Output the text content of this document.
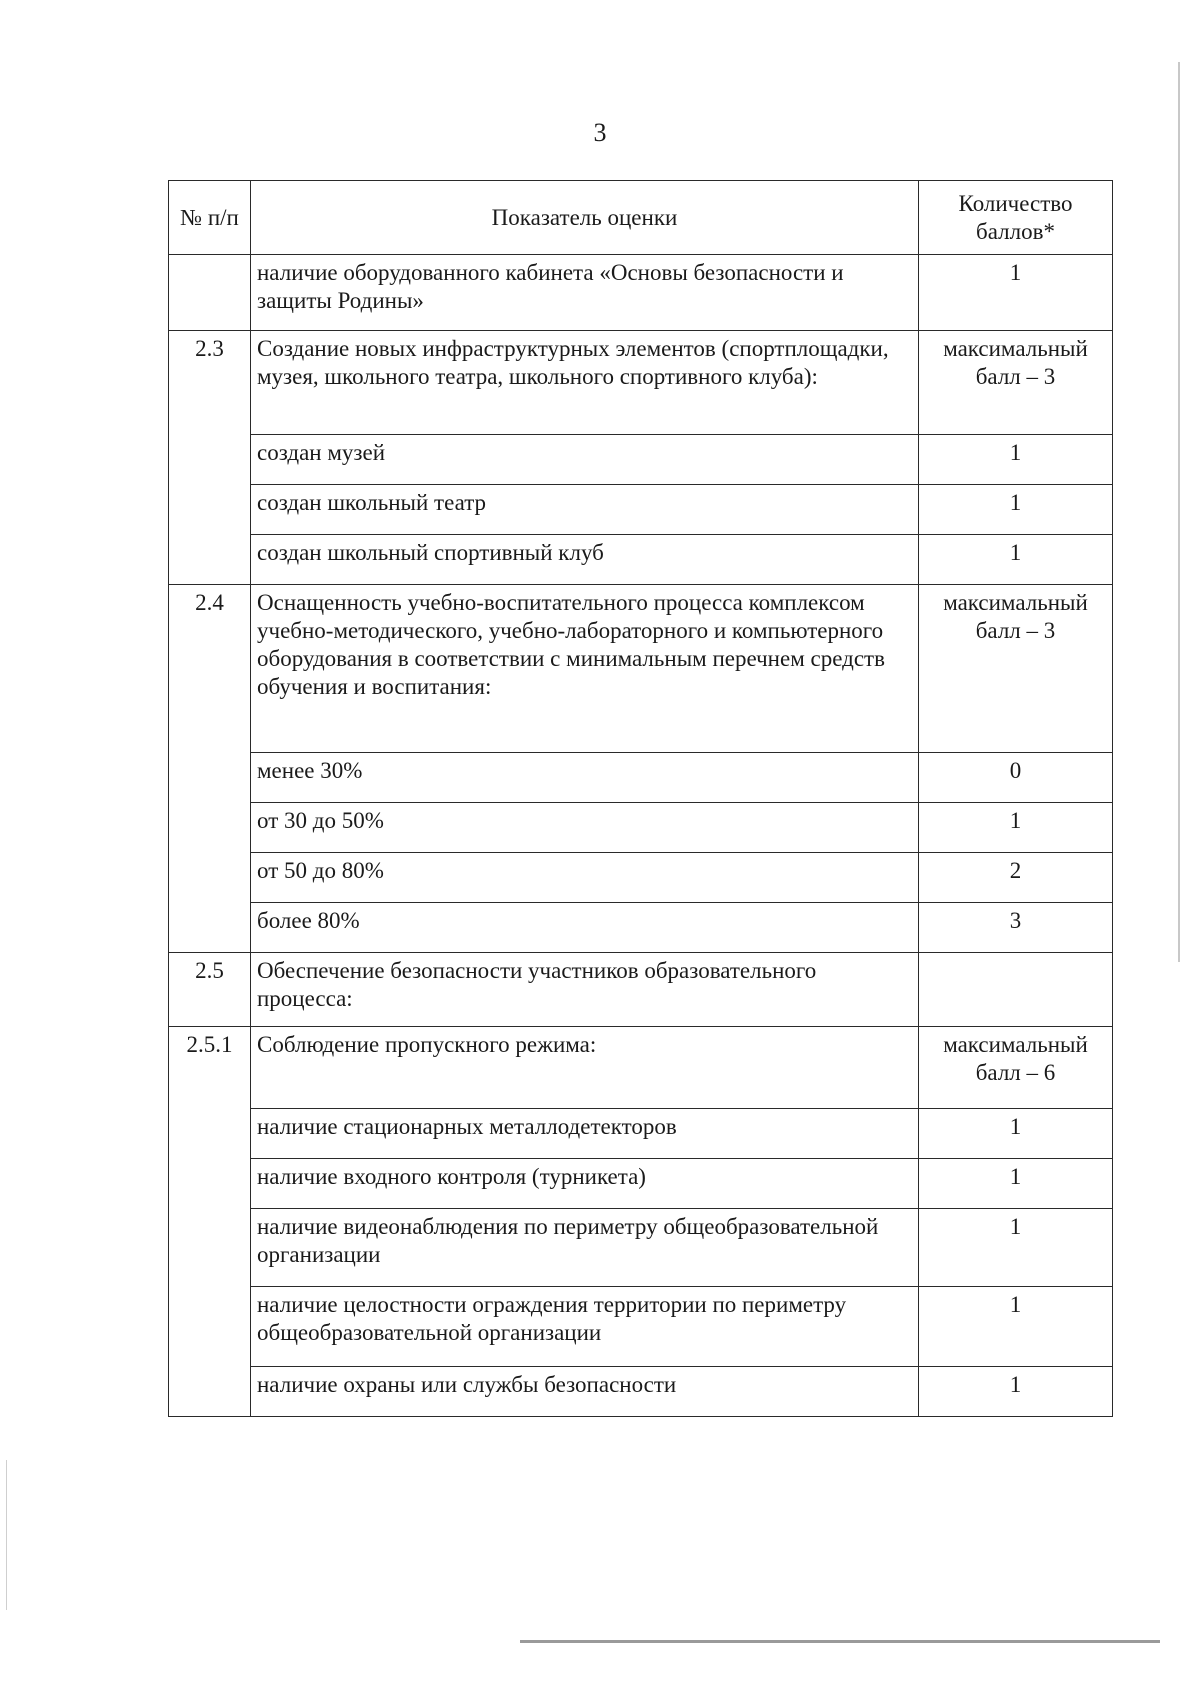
3
№ п/п	Показатель оценки	Количество баллов*
	наличие оборудованного кабинета «Основы безопасности и защиты Родины»	1
2.3	Создание новых инфраструктурных элементов (спортплощадки, музея, школьного театра, школьного спортивного клуба):	максимальный балл – 3
	создан музей	1
	создан школьный театр	1
	создан школьный спортивный клуб	1
2.4	Оснащенность учебно-воспитательного процесса комплексом учебно-методического, учебно-лабораторного и компьютерного оборудования в соответствии с минимальным перечнем средств обучения и воспитания:	максимальный балл – 3
	менее 30%	0
	от 30 до 50%	1
	от 50 до 80%	2
	более 80%	3
2.5	Обеспечение безопасности участников образовательного процесса:	
2.5.1	Соблюдение пропускного режима:	максимальный балл – 6
	наличие стационарных металлодетекторов	1
	наличие входного контроля (турникета)	1
	наличие видеонаблюдения по периметру общеобразовательной организации	1
	наличие целостности ограждения территории по периметру общеобразовательной организации	1
	наличие охраны или службы безопасности	1
